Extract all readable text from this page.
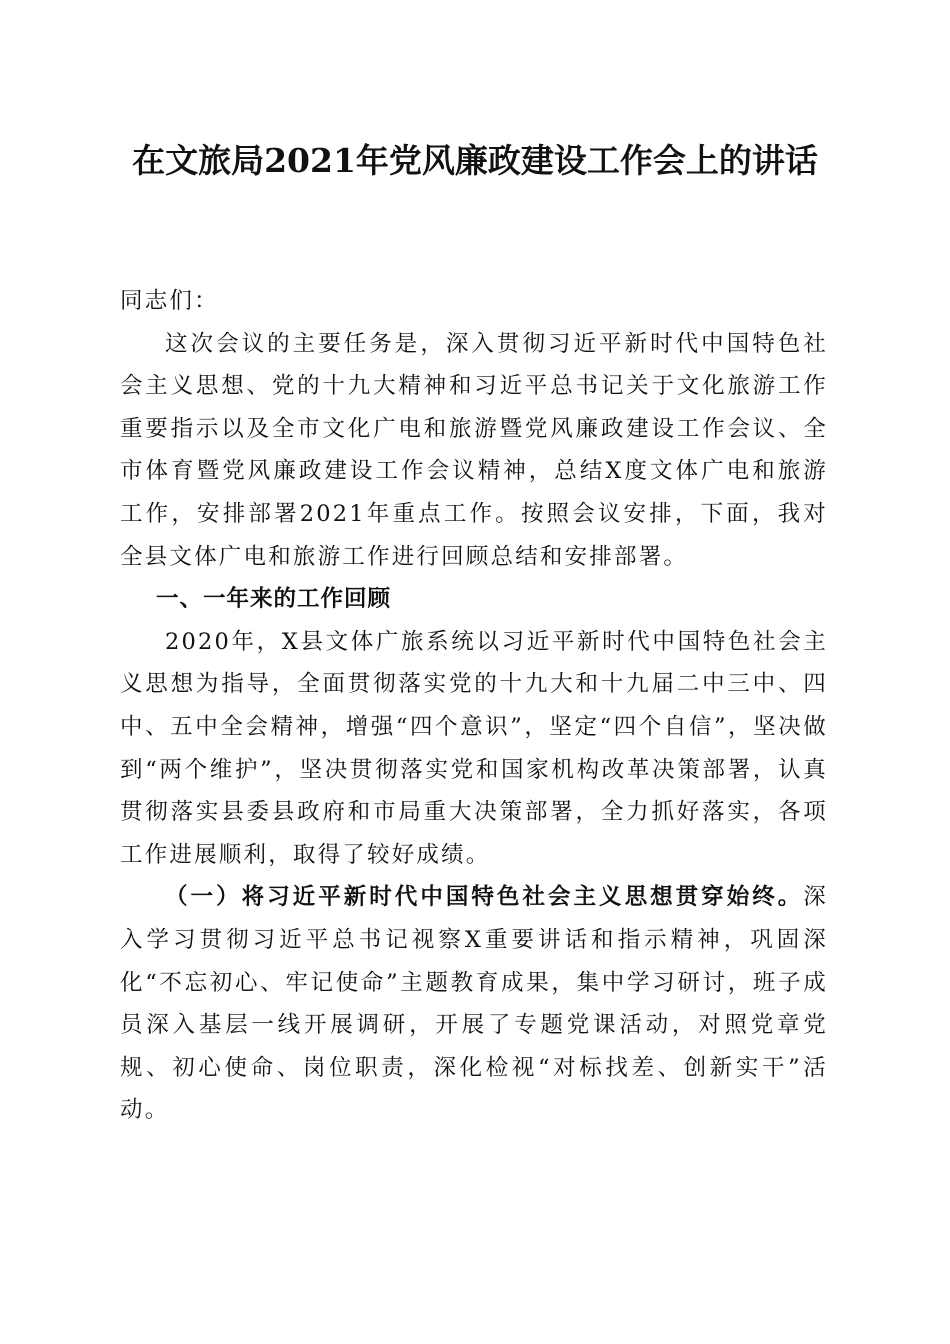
在文旅局2021年党风廉政建设工作会上的讲话

同志们：

这次会议的主要任务是，深入贯彻习近平新时代中国特色社会主义思想、党的十九大精神和习近平总书记关于文化旅游工作重要指示以及全市文化广电和旅游暨党风廉政建设工作会议、全市体育暨党风廉政建设工作会议精神，总结X度文体广电和旅游工作，安排部署2021年重点工作。按照会议安排，下面，我对全县文体广电和旅游工作进行回顾总结和安排部署。

一、一年来的工作回顾

2020年，X县文体广旅系统以习近平新时代中国特色社会主义思想为指导，全面贯彻落实党的十九大和十九届二中三中、四中、五中全会精神，增强“四个意识”，坚定“四个自信”，坚决做到“两个维护”，坚决贯彻落实党和国家机构改革决策部署，认真贯彻落实县委县政府和市局重大决策部署，全力抓好落实，各项工作进展顺利，取得了较好成绩。

（一）将习近平新时代中国特色社会主义思想贯穿始终。深入学习贯彻习近平总书记视察X重要讲话和指示精神，巩固深化“不忘初心、牢记使命”主题教育成果，集中学习研讨，班子成员深入基层一线开展调研，开展了专题党课活动，对照党章党规、初心使命、岗位职责，深化检视“对标找差、创新实干”活动。
